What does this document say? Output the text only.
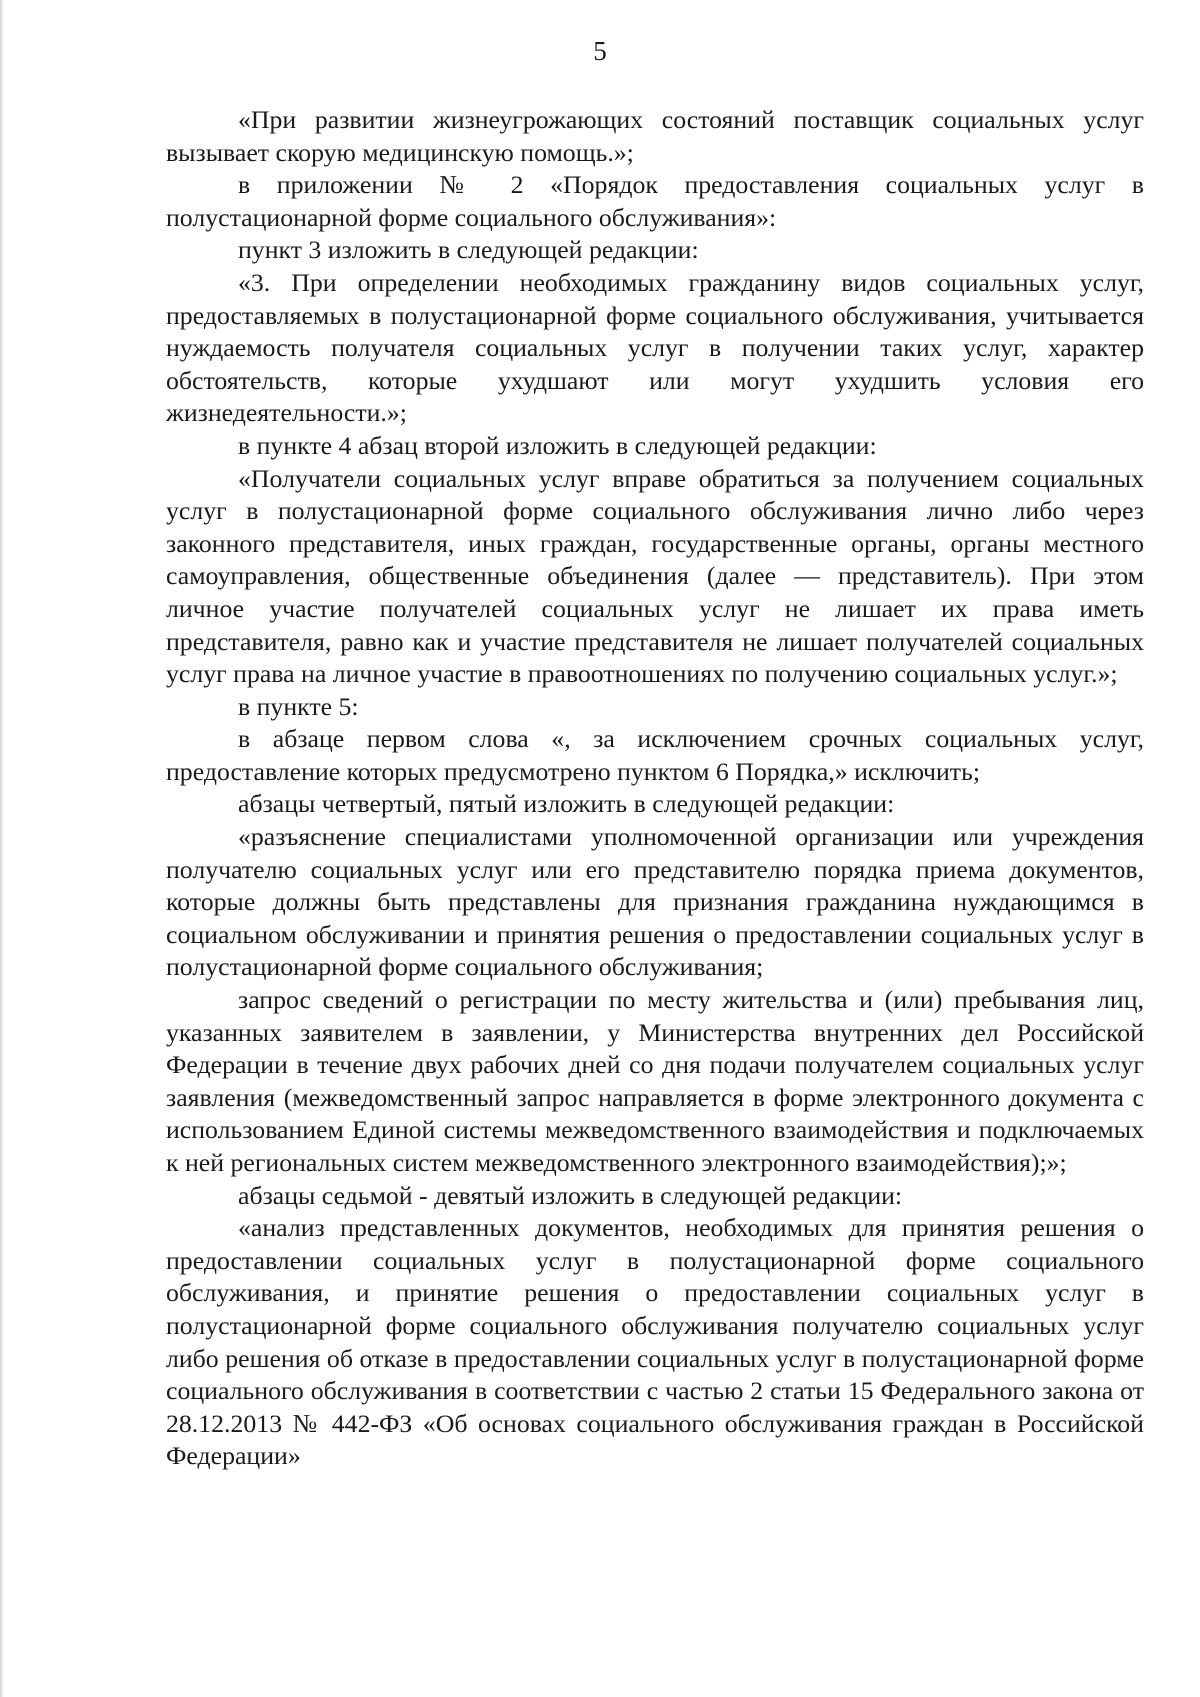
5

«При развитии жизнеугрожающих состояний поставщик социальных услуг вызывает скорую медицинскую помощь.»;

в приложении № 2 «Порядок предоставления социальных услуг в полустационарной форме социального обслуживания»:

пункт 3 изложить в следующей редакции:

«3. При определении необходимых гражданину видов социальных услуг, предоставляемых в полустационарной форме социального обслуживания, учитывается нуждаемость получателя социальных услуг в получении таких услуг, характер обстоятельств, которые ухудшают или могут ухудшить условия его жизнедеятельности.»;

в пункте 4 абзац второй изложить в следующей редакции:

«Получатели социальных услуг вправе обратиться за получением социальных услуг в полустационарной форме социального обслуживания лично либо через законного представителя, иных граждан, государственные органы, органы местного самоуправления, общественные объединения (далее — представитель). При этом личное участие получателей социальных услуг не лишает их права иметь представителя, равно как и участие представителя не лишает получателей социальных услуг права на личное участие в правоотношениях по получению социальных услуг.»;

в пункте 5:

в абзаце первом слова «, за исключением срочных социальных услуг, предоставление которых предусмотрено пунктом 6 Порядка,» исключить;

абзацы четвертый, пятый изложить в следующей редакции:

«разъяснение специалистами уполномоченной организации или учреждения получателю социальных услуг или его представителю порядка приема документов, которые должны быть представлены для признания гражданина нуждающимся в социальном обслуживании и принятия решения о предоставлении социальных услуг в полустационарной форме социального обслуживания;

запрос сведений о регистрации по месту жительства и (или) пребывания лиц, указанных заявителем в заявлении, у Министерства внутренних дел Российской Федерации в течение двух рабочих дней со дня подачи получателем социальных услуг заявления (межведомственный запрос направляется в форме электронного документа с использованием Единой системы межведомственного взаимодействия и подключаемых к ней региональных систем межведомственного электронного взаимодействия);»;

абзацы седьмой - девятый изложить в следующей редакции:

«анализ представленных документов, необходимых для принятия решения о предоставлении социальных услуг в полустационарной форме социального обслуживания, и принятие решения о предоставлении социальных услуг в полустационарной форме социального обслуживания получателю социальных услуг либо решения об отказе в предоставлении социальных услуг в полустационарной форме социального обслуживания в соответствии с частью 2 статьи 15 Федерального закона от 28.12.2013 № 442-ФЗ «Об основах социального обслуживания граждан в Российской Федерации»
